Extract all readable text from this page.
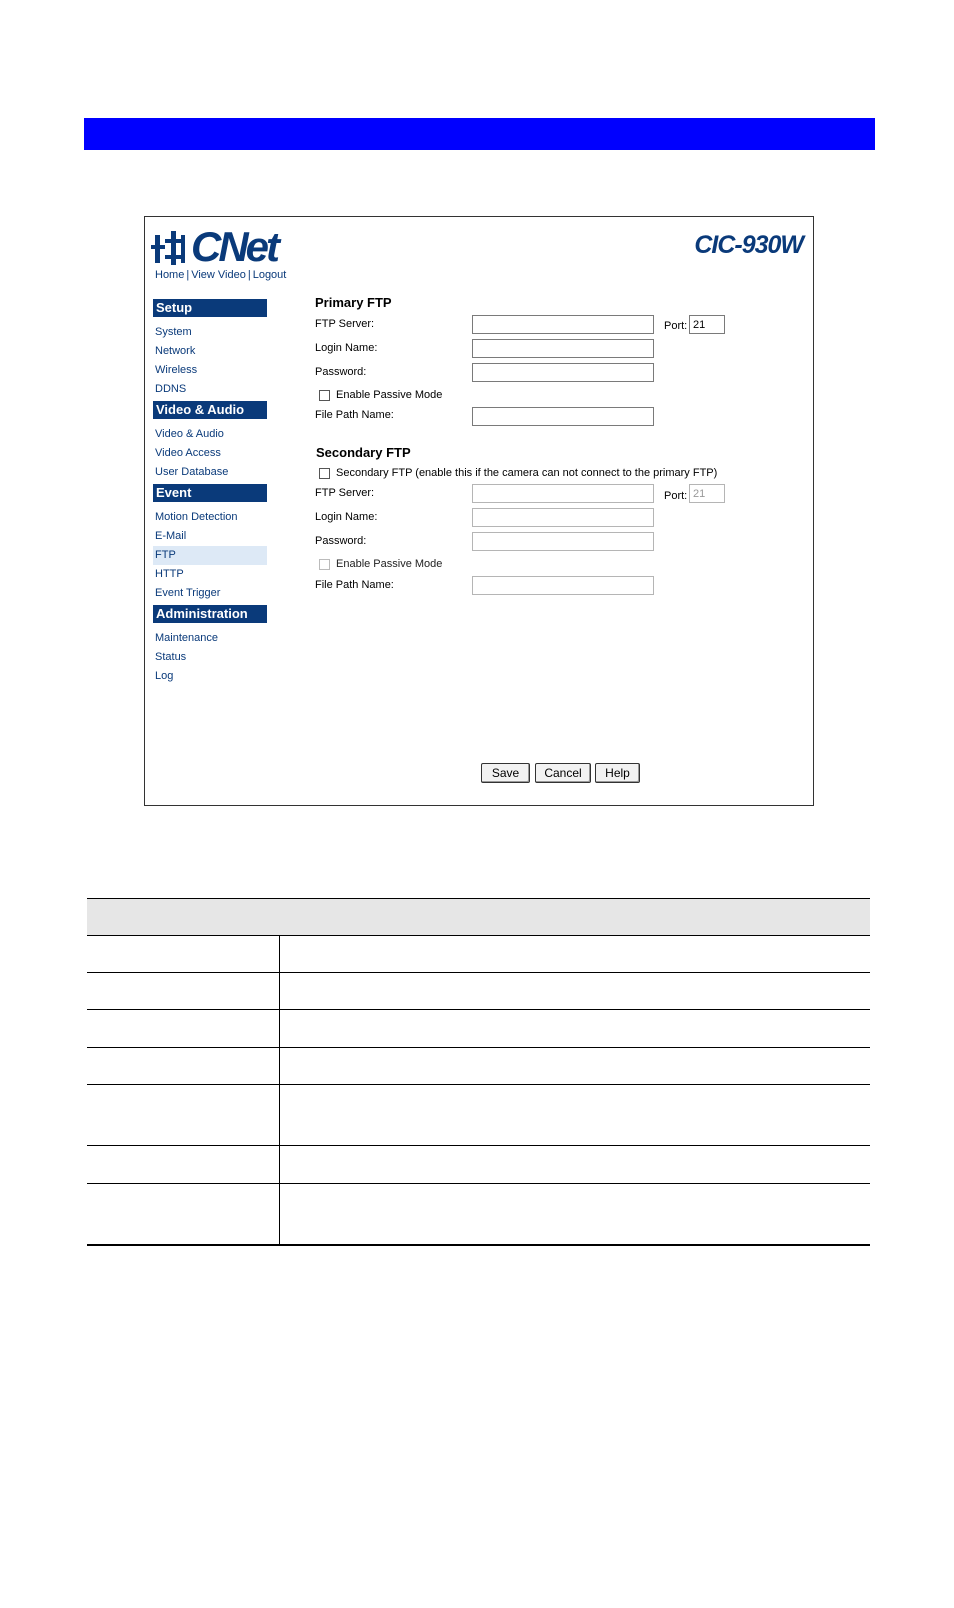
CNet	CIC-930W
Home | View Video | Logout
Setup
System
Network
Wireless
DDNS
Video & Audio
Video & Audio
Video Access
User Database
Event
Motion Detection
E-Mail
FTP
HTTP
Event Trigger
Administration
Maintenance
Status
Log
Primary FTP
FTP Server:	Port:
21
Login Name:
Password:
Enable Passive Mode
File Path Name:
Secondary FTP
Secondary FTP (enable this if the camera can not connect to the primary FTP)
FTP Server:	Port:
21
Login Name:
Password:
Enable Passive Mode
File Path Name:
Save	Cancel	Help
